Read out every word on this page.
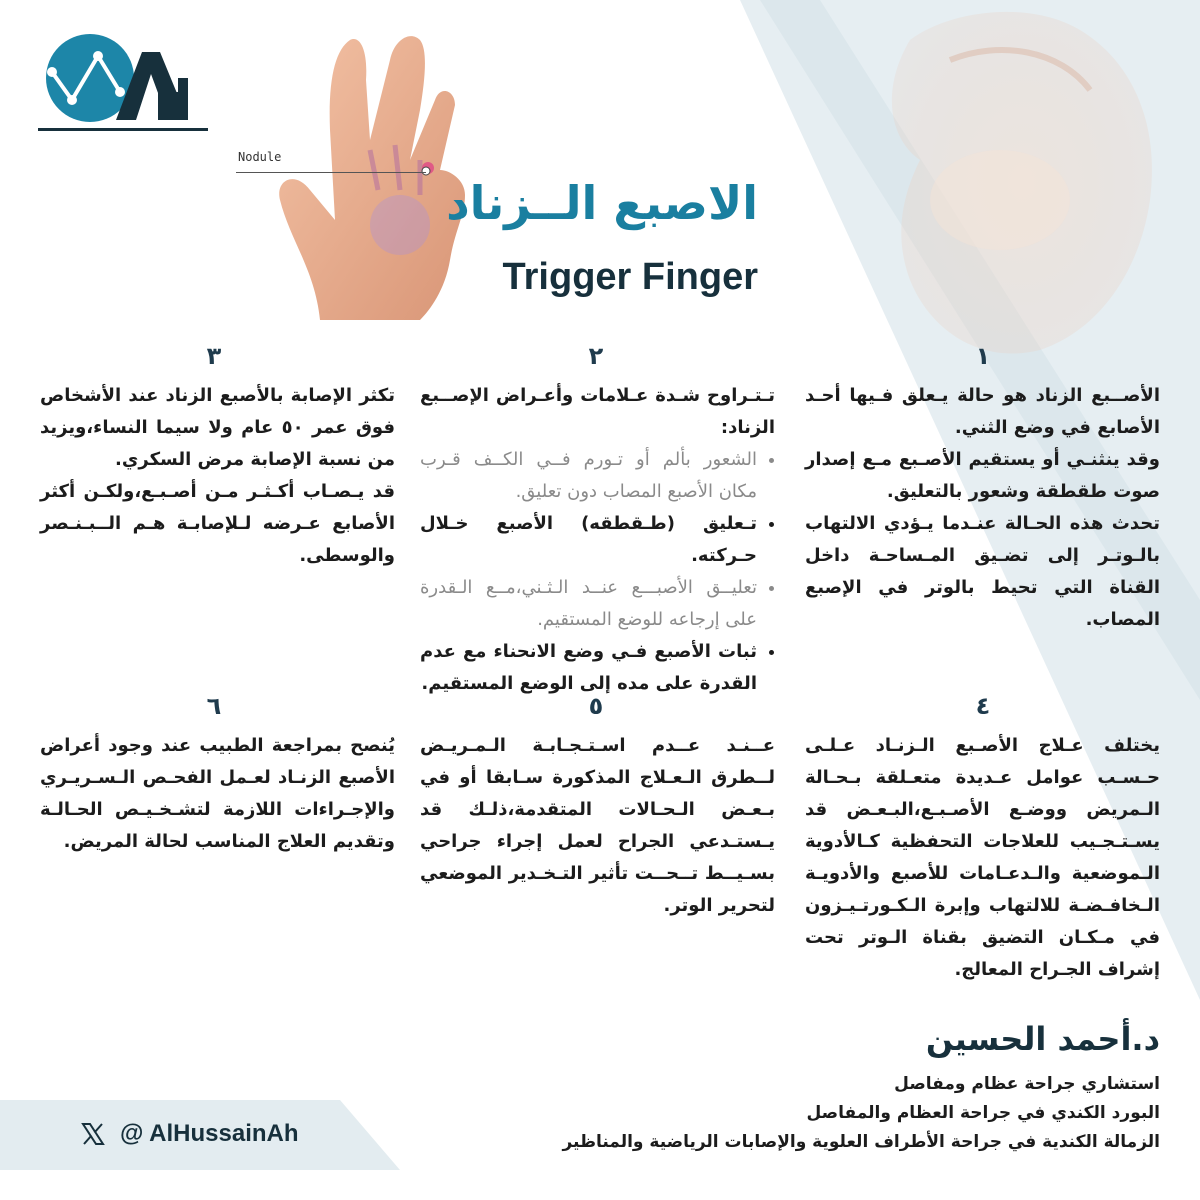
Nodule
الاصبع الــزناد
Trigger Finger
١

الأصــبع الزناد هو حالة يـعلق فـيها أحـد الأصابع في وضع الثني.

وقد ينثنـي أو يستقيم الأصـبع مـع إصدار صوت طقطقة وشعور بالتعليق.

تحدث هذه الحـالة عنـدما يـؤدي الالتهاب بالـوتـر إلى تضـيق المـساحـة داخل القناة التي تحيط بالوتر في الإصبع المصاب.

٢

تـتـراوح شـدة عـلامات وأعـراض الإصــبع الزناد:

• الشعور بألم أو تـورم فــي الكــف قـرب مكان الأصبع المصاب دون تعليق.
• تـعليق (طـقطقه) الأصبع خـلال حـركته.
• تعليــق الأصبـــع عنــد الـثـني،مــع الـقدرة على إرجاعه للوضع المستقيم.
• ثبات الأصبع فـي وضع الانحناء مع عدم القدرة على مده إلى الوضع المستقيم.
٣

تكثر الإصابة بالأصبع الزناد عند الأشخاص فوق عمر ٥٠ عام ولا سيما النساء،ويزيد من نسبة الإصابة مرض السكري.

قد يـصـاب أكـثـر مـن أصـبـع،ولكـن أكثر الأصابع عـرضه لـلإصابـة هـم الــبـنـصر والوسطى.

٤

يختلف عـلاج الأصـبع الـزنـاد عـلـى حـسـب عوامل عـديدة متعـلقة بـحـالة الـمريض ووضـع الأصـبـع،البـعـض قد يسـتـجـيب للعلاجات التحفظية كـالأدوية الـموضعية والـدعـامات للأصبع والأدويـة الـخافـضـة للالتهاب وإبرة الـكـورتـيـزون في مـكـان التضيق بقناة الـوتر تحت إشراف الجـراح المعالج.

٥

عــنـد عــدم اسـتـجـابـة الـمـريـض لــطرق الـعـلاج المذكورة سـابقا أو في بـعـض الـحـالات المتقدمة،ذلـك قد يـستـدعي الجراح لعمل إجراء جراحي بسـيــط تــحــت تأثير التـخـدير الموضعي لتحرير الوتر.

٦

يُنصح بمراجعة الطبيب عند وجود أعراض الأصبع الزنـاد لعـمل الفحـص الـسـريـري والإجـراءات اللازمة لتشـخـيـص الحـالـة وتقديم العلاج المناسب لحالة المريض.

د.أحمد الحسين
استشاري جراحة عظام ومفاصل
البورد الكندي في جراحة العظام والمفاصل
الزمالة الكندية في جراحة الأطراف العلوية والإصابات الرياضية والمناظير
@ AlHussainAh
